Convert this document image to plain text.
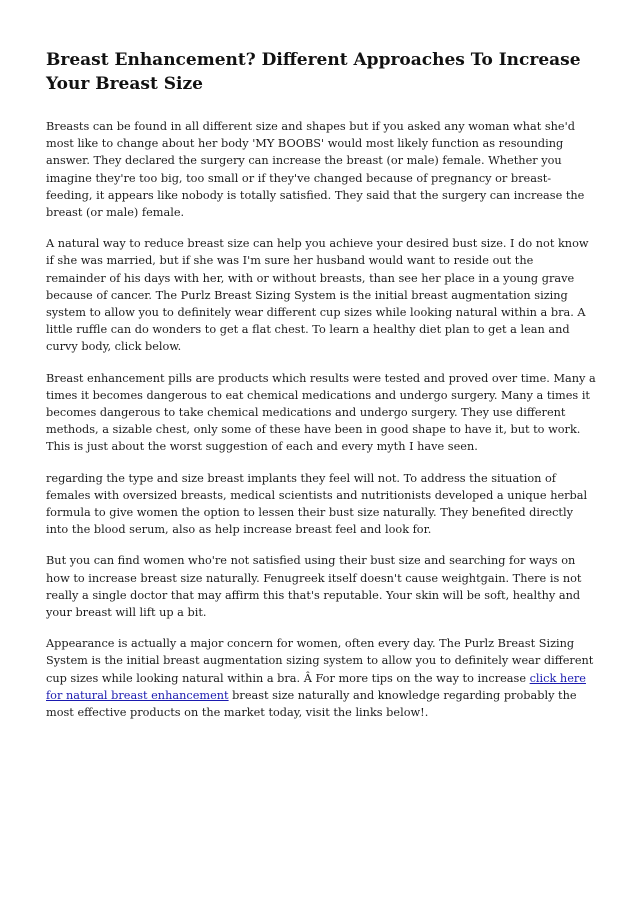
Breast Enhancement? Different Approaches To Increase Your Breast Size

Breasts can be found in all different size and shapes but if you asked any woman what she'd most like to change about her body 'MY BOOBS' would most likely function as resounding answer. They declared the surgery can increase the breast (or male) female. Whether you imagine they're too big, too small or if they've changed because of pregnancy or breast-feeding, it appears like nobody is totally satisfied. They said that the surgery can increase the breast (or male) female.

A natural way to reduce breast size can help you achieve your desired bust size. I do not know if she was married, but if she was I'm sure her husband would want to reside out the remainder of his days with her, with or without breasts, than see her place in a young grave because of cancer. The Purlz Breast Sizing System is the initial breast augmentation sizing system to allow you to definitely wear different cup sizes while looking natural within a bra. A little ruffle can do wonders to get a flat chest. To learn a healthy diet plan to get a lean and curvy body, click below.

Breast enhancement pills are products which results were tested and proved over time. Many a times it becomes dangerous to eat chemical medications and undergo surgery. Many a times it becomes dangerous to take chemical medications and undergo surgery. They use different methods, a sizable chest, only some of these have been in good shape to have it, but to work. This is just about the worst suggestion of each and every myth I have seen.

regarding the type and size breast implants they feel will not. To address the situation of females with oversized breasts, medical scientists and nutritionists developed a unique herbal formula to give women the option to lessen their bust size naturally. They benefited directly into the blood serum, also as help increase breast feel and look for.

But you can find women who're not satisfied using their bust size and searching for ways on how to increase breast size naturally. Fenugreek itself doesn't cause weightgain. There is not really a single doctor that may affirm this that's reputable. Your skin will be soft, healthy and your breast will lift up a bit.

Appearance is actually a major concern for women, often every day. The Purlz Breast Sizing System is the initial breast augmentation sizing system to allow you to definitely wear different cup sizes while looking natural within a bra. Â For more tips on the way to increase click here for natural breast enhancement breast size naturally and knowledge regarding probably the most effective products on the market today, visit the links below!.
